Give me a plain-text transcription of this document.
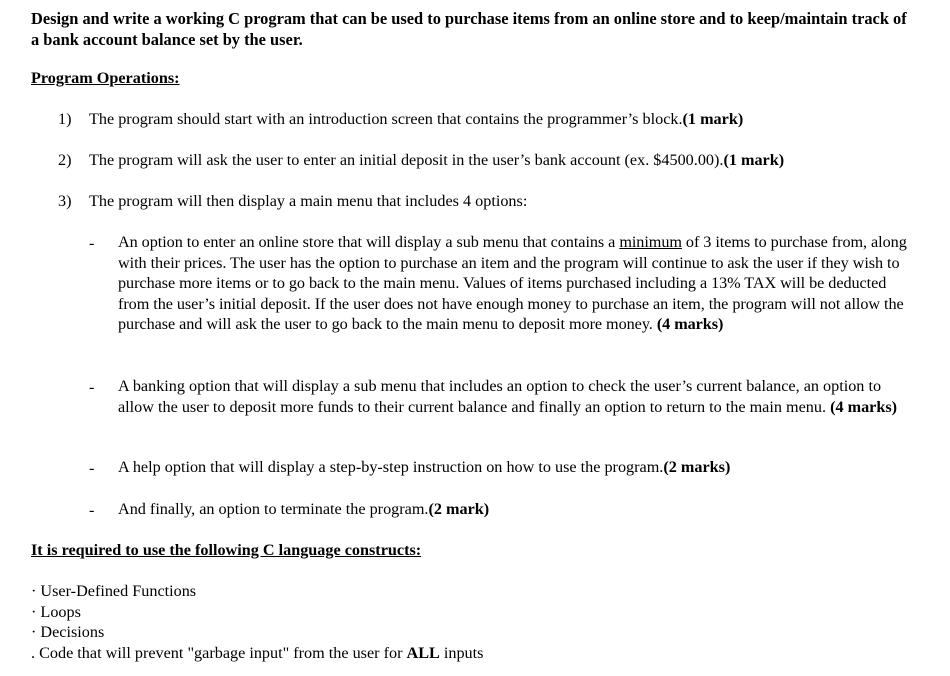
Design and write a working C program that can be used to purchase items from an online store and to keep/maintain track of a bank account balance set by the user.
Program Operations:
1) The program should start with an introduction screen that contains the programmer’s block.(1 mark)
2) The program will ask the user to enter an initial deposit in the user’s bank account (ex. $4500.00).(1 mark)
3) The program will then display a main menu that includes 4 options:
-	An option to enter an online store that will display a sub menu that contains a minimum of 3 items to purchase from, along with their prices. The user has the option to purchase an item and the program will continue to ask the user if they wish to purchase more items or to go back to the main menu. Values of items purchased including a 13% TAX will be deducted from the user’s initial deposit. If the user does not have enough money to purchase an item, the program will not allow the purchase and will ask the user to go back to the main menu to deposit more money. (4 marks)
-	A banking option that will display a sub menu that includes an option to check the user’s current balance, an option to allow the user to deposit more funds to their current balance and finally an option to return to the main menu. (4 marks)
-	A help option that will display a step-by-step instruction on how to use the program.(2 marks)
-	And finally, an option to terminate the program.(2 mark)
It is required to use the following C language constructs:
· User-Defined Functions
· Loops
· Decisions
. Code that will prevent "garbage input" from the user for ALL inputs
